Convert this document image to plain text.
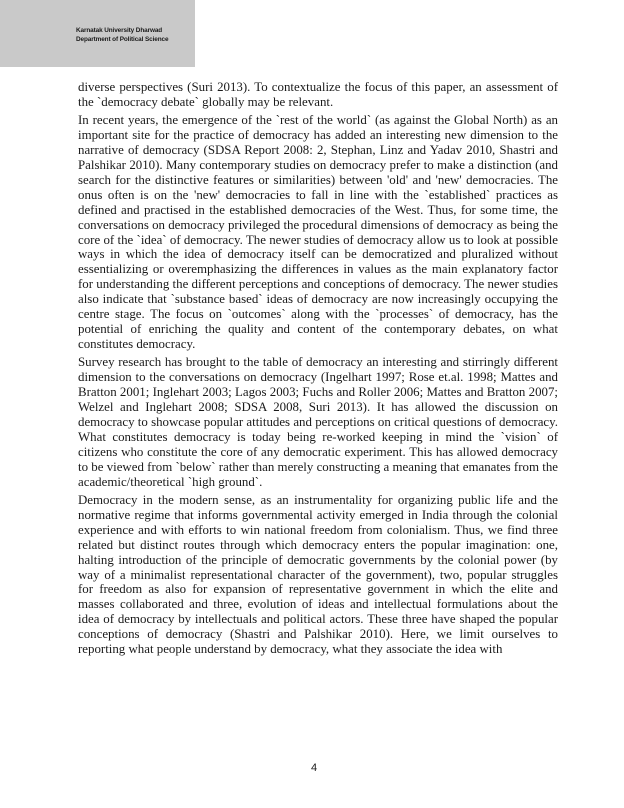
Karnatak University Dharwad
Department of Political Science

diverse perspectives (Suri 2013). To contextualize the focus of this paper, an assessment of the `democracy debate` globally may be relevant.

In recent years, the emergence of the `rest of the world` (as against the Global North) as an important site for the practice of democracy has added an interesting new dimension to the narrative of democracy (SDSA Report 2008: 2, Stephan, Linz and Yadav 2010, Shastri and Palshikar 2010). Many contemporary studies on democracy prefer to make a distinction (and search for the distinctive features or similarities) between 'old' and 'new' democracies. The onus often is on the 'new' democracies to fall in line with the `established` practices as defined and practised in the established democracies of the West. Thus, for some time, the conversations on democracy privileged the procedural dimensions of democracy as being the core of the `idea` of democracy. The newer studies of democracy allow us to look at possible ways in which the idea of democracy itself can be democratized and pluralized without essentializing or overemphasizing the differences in values as the main explanatory factor for understanding the different perceptions and conceptions of democracy. The newer studies also indicate that `substance based` ideas of democracy are now increasingly occupying the centre stage. The focus on `outcomes` along with the `processes` of democracy, has the potential of enriching the quality and content of the contemporary debates, on what constitutes democracy.

Survey research has brought to the table of democracy an interesting and stirringly different dimension to the conversations on democracy (Ingelhart 1997; Rose et.al. 1998; Mattes and Bratton 2001; Inglehart 2003; Lagos 2003; Fuchs and Roller 2006; Mattes and Bratton 2007; Welzel and Inglehart 2008; SDSA 2008, Suri 2013). It has allowed the discussion on democracy to showcase popular attitudes and perceptions on critical questions of democracy. What constitutes democracy is today being re-worked keeping in mind the `vision` of citizens who constitute the core of any democratic experiment. This has allowed democracy to be viewed from `below` rather than merely constructing a meaning that emanates from the academic/theoretical `high ground`.

Democracy in the modern sense, as an instrumentality for organizing public life and the normative regime that informs governmental activity emerged in India through the colonial experience and with efforts to win national freedom from colonialism. Thus, we find three related but distinct routes through which democracy enters the popular imagination: one, halting introduction of the principle of democratic governments by the colonial power (by way of a minimalist representational character of the government), two, popular struggles for freedom as also for expansion of representative government in which the elite and masses collaborated and three, evolution of ideas and intellectual formulations about the idea of democracy by intellectuals and political actors. These three have shaped the popular conceptions of democracy (Shastri and Palshikar 2010). Here, we limit ourselves to reporting what people understand by democracy, what they associate the idea with

4
